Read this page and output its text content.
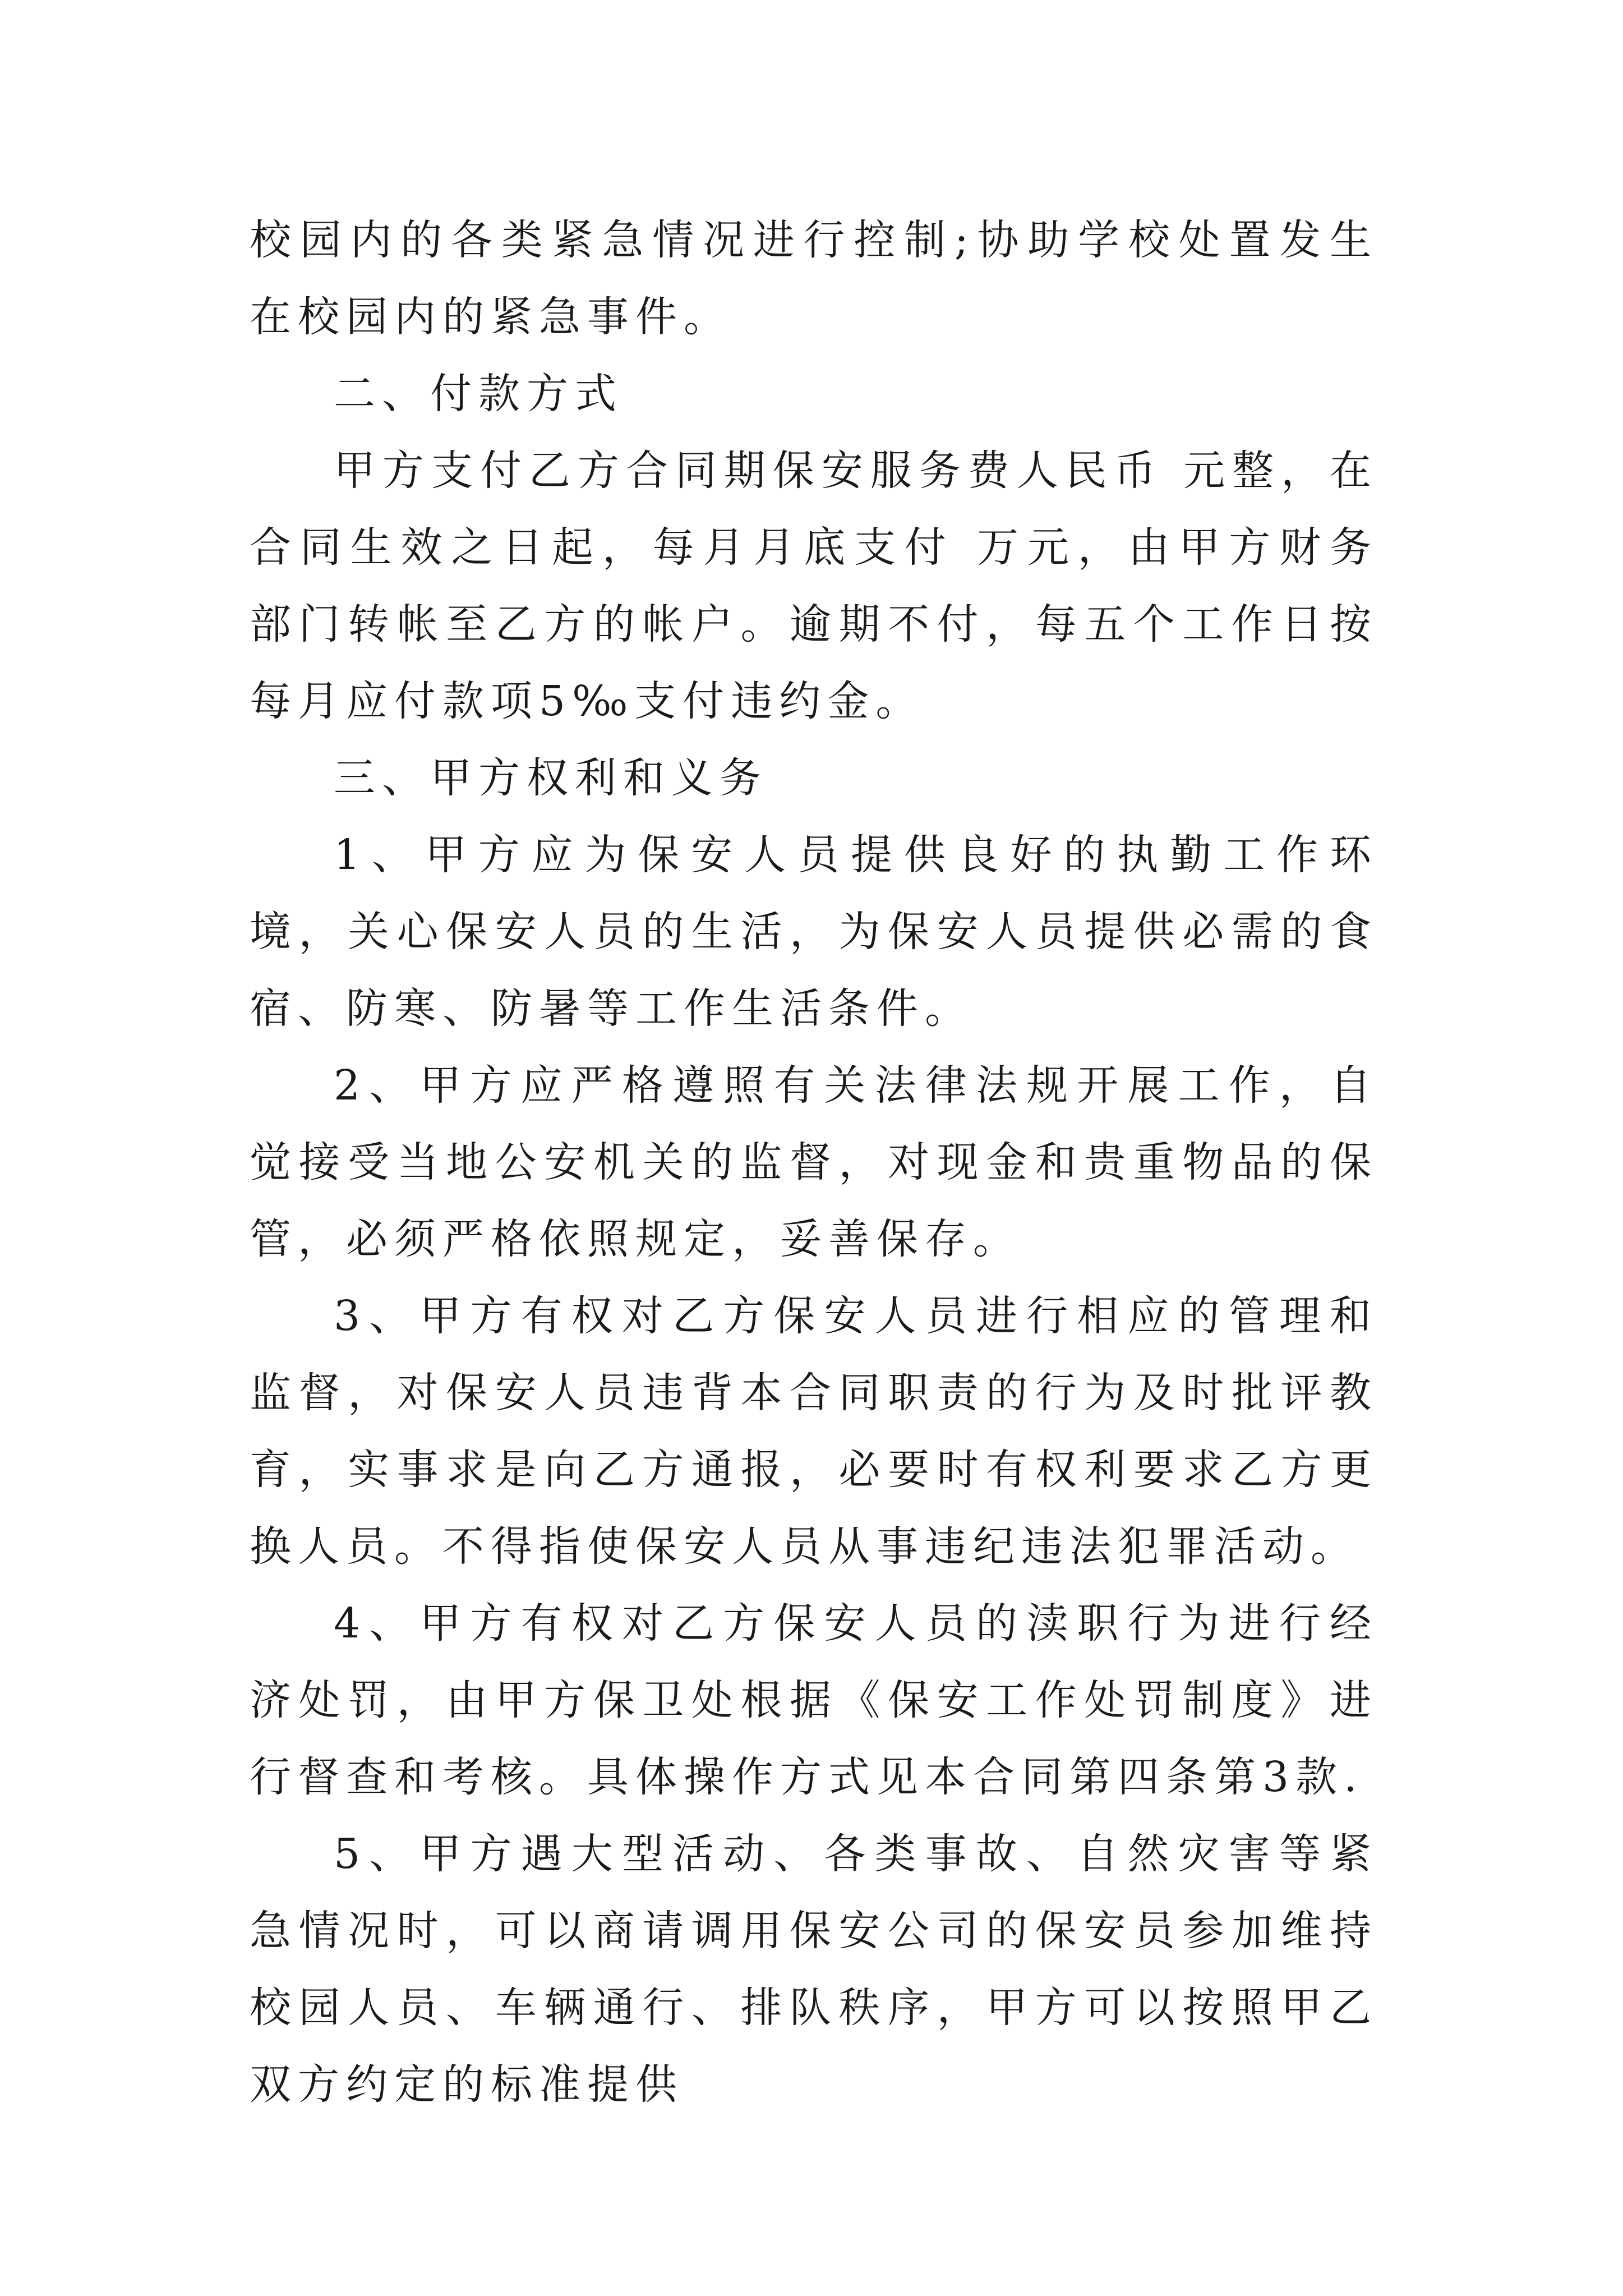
校园内的各类紧急情况进行控制;协助学校处置发生在校园内的紧急事件。

二、付款方式

甲方支付乙方合同期保安服务费人民币 元整，在合同生效之日起，每月月底支付 万元，由甲方财务部门转帐至乙方的帐户。逾期不付，每五个工作日按每月应付款项5‰支付违约金。

三、甲方权利和义务

1、甲方应为保安人员提供良好的执勤工作环境，关心保安人员的生活，为保安人员提供必需的食宿、防寒、防暑等工作生活条件。

2、甲方应严格遵照有关法律法规开展工作，自觉接受当地公安机关的监督，对现金和贵重物品的保管，必须严格依照规定，妥善保存。

3、甲方有权对乙方保安人员进行相应的管理和监督，对保安人员违背本合同职责的行为及时批评教育，实事求是向乙方通报，必要时有权利要求乙方更换人员。不得指使保安人员从事违纪违法犯罪活动。

4、甲方有权对乙方保安人员的渎职行为进行经济处罚，由甲方保卫处根据《保安工作处罚制度》进行督查和考核。具体操作方式见本合同第四条第3款.

5、甲方遇大型活动、各类事故、自然灾害等紧急情况时，可以商请调用保安公司的保安员参加维持校园人员、车辆通行、排队秩序，甲方可以按照甲乙双方约定的标准提供
